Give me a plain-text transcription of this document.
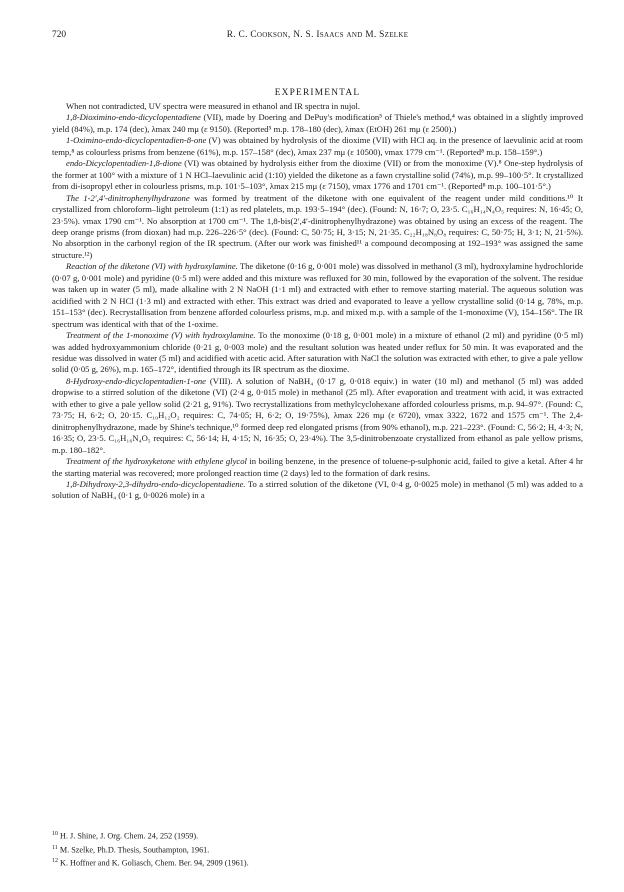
720	R. C. Cookson, N. S. Isaacs and M. Szelke
EXPERIMENTAL

When not contradicted, UV spectra were measured in ethanol and IR spectra in nujol.

1,8-Dioximino-endo-dicyclopentadiene (VII), made by Doering and DePuy's modification⁵ of Thiele's method,⁴ was obtained in a slightly improved yield (84%), m.p. 174 (dec), λmax 240 mμ (ε 9150). (Reported⁵ m.p. 178–180 (dec), λmax (EtOH) 261 mμ (ε 2500).)

1-Oximino-endo-dicyclopentadien-8-one (V) was obtained by hydrolysis of the dioxime (VII) with HCl aq. in the presence of laevulinic acid at room temp,⁸ as colourless prisms from benzene (61%), m.p. 157–158° (dec), λmax 237 mμ (ε 10500), νmax 1779 cm⁻¹. (Reported⁸ m.p. 158–159°.)

endo-Dicyclopentadien-1,8-dione (VI) was obtained by hydrolysis either from the dioxime (VII) or from the monoxime (V).⁸ One-step hydrolysis of the former at 100° with a mixture of 1 N HCl–laevulinic acid (1:10) yielded the diketone as a fawn crystalline solid (74%), m.p. 99–100·5°. It crystallized from di-isopropyl ether in colourless prisms, m.p. 101·5–103°, λmax 215 mμ (ε 7150), νmax 1776 and 1701 cm⁻¹. (Reported⁸ m.p. 100–101·5°.)

The 1-2′,4′-dinitrophenylhydrazone was formed by treatment of the diketone with one equivalent of the reagent under mild conditions.¹⁰ It crystallized from chloroform–light petroleum (1:1) as red platelets, m.p. 193·5–194° (dec). (Found: N, 16·7; O, 23·5. C₁₆H₁₄N₄O₅ requires: N, 16·45; O, 23·5%). νmax 1790 cm⁻¹. No absorption at 1700 cm⁻¹. The 1,8-bis(2′,4′-dinitrophenylhydrazone) was obtained by using an excess of the reagent. The deep orange prisms (from dioxan) had m.p. 226–226·5° (dec). (Found: C, 50·75; H, 3·15; N, 21·35. C₂₂H₁₈N₈O₈ requires: C, 50·75; H, 3·1; N, 21·5%). No absorption in the carbonyl region of the IR spectrum. (After our work was finished¹¹ a compound decomposing at 192–193° was assigned the same structure.¹²)

Reaction of the diketone (VI) with hydroxylamine. The diketone (0·16 g, 0·001 mole) was dissolved in methanol (3 ml), hydroxylamine hydrochloride (0·07 g, 0·001 mole) and pyridine (0·5 ml) were added and this mixture was refluxed for 30 min, followed by the evaporation of the solvent. The residue was taken up in water (5 ml), made alkaline with 2 N NaOH (1·1 ml) and extracted with ether to remove starting material. The aqueous solution was acidified with 2 N HCl (1·3 ml) and extracted with ether. This extract was dried and evaporated to leave a yellow crystalline solid (0·14 g, 78%, m.p. 151–153° (dec). Recrystallisation from benzene afforded colourless prisms, m.p. and mixed m.p. with a sample of the 1-monoxime (V), 154–156°. The IR spectrum was identical with that of the 1-oxime.

Treatment of the 1-monoxime (V) with hydroxylamine. To the monoxime (0·18 g, 0·001 mole) in a mixture of ethanol (2 ml) and pyridine (0·5 ml) was added hydroxyammonium chloride (0·21 g, 0·003 mole) and the resultant solution was heated under reflux for 50 min. It was evaporated and the residue was dissolved in water (5 ml) and acidified with acetic acid. After saturation with NaCl the solution was extracted with ether, to give a pale yellow solid (0·05 g, 26%), m.p. 165–172°, identified through its IR spectrum as the dioxime.

8-Hydroxy-endo-dicyclopentadien-1-one (VIII). A solution of NaBH₄ (0·17 g, 0·018 equiv.) in water (10 ml) and methanol (5 ml) was added dropwise to a stirred solution of the diketone (VI) (2·4 g, 0·015 mole) in methanol (25 ml). After evaporation and treatment with acid, it was extracted with ether to give a pale yellow solid (2·21 g, 91%). Two recrystallizations from methylcyclohexane afforded colourless prisms, m.p. 94–97°. (Found: C, 73·75; H, 6·2; O, 20·15. C₁₀H₁₂O₂ requires: C, 74·05; H, 6·2; O, 19·75%), λmax 226 mμ (ε 6720), νmax 3322, 1672 and 1575 cm⁻¹. The 2,4-dinitrophenylhydrazone, made by Shine's technique,¹⁰ formed deep red elongated prisms (from 90% ethanol), m.p. 221–223°. (Found: C, 56·2; H, 4·3; N, 16·35; O, 23·5. C₁₆H₁₆N₄O₅ requires: C, 56·14; H, 4·15; N, 16·35; O, 23·4%). The 3,5-dinitrobenzoate crystallized from ethanol as pale yellow prisms, m.p. 180–182°.

Treatment of the hydroxyketone with ethylene glycol in boiling benzene, in the presence of toluene-p-sulphonic acid, failed to give a ketal. After 4 hr the starting material was recovered; more prolonged reaction time (2 days) led to the formation of dark resins.

1,8-Dihydroxy-2,3-dihydro-endo-dicyclopentadiene. To a stirred solution of the diketone (VI, 0·4 g, 0·0025 mole) in methanol (5 ml) was added to a solution of NaBH₄ (0·1 g, 0·0026 mole) in a

$^{10}$ H. J. Shine, J. Org. Chem. 24, 252 (1959).
$^{11}$ M. Szelke, Ph.D. Thesis, Southampton, 1961.
$^{12}$ K. Hoffner and K. Goliasch, Chem. Ber. 94, 2909 (1961).
